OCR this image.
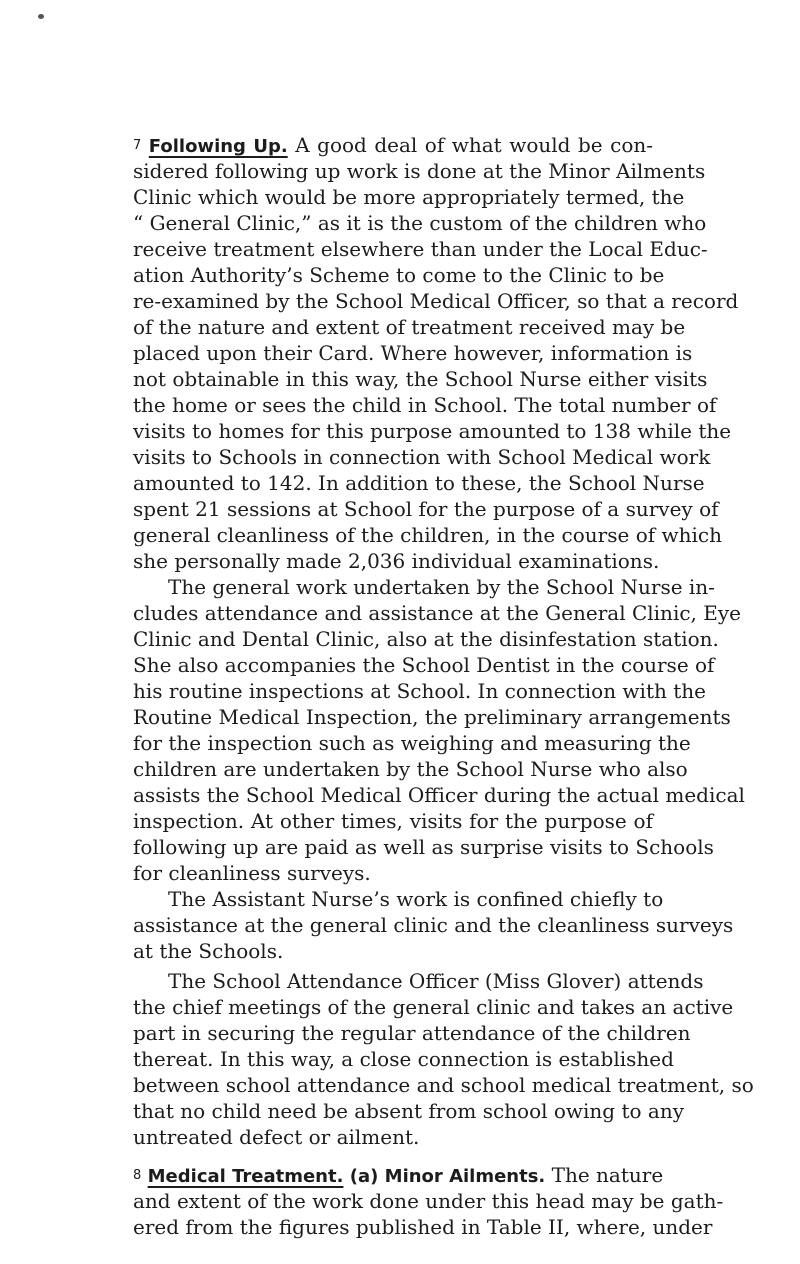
7 Following Up. A good deal of what would be con-
sidered following up work is done at the Minor Ailments
Clinic which would be more appropriately termed, the
“ General Clinic,” as it is the custom of the children who
receive treatment elsewhere than under the Local Educ-
ation Authority’s Scheme to come to the Clinic to be
re-examined by the School Medical Officer, so that a record
of the nature and extent of treatment received may be
placed upon their Card. Where however, information is
not obtainable in this way, the School Nurse either visits
the home or sees the child in School. The total number of
visits to homes for this purpose amounted to 138 while the
visits to Schools in connection with School Medical work
amounted to 142. In addition to these, the School Nurse
spent 21 sessions at School for the purpose of a survey of
general cleanliness of the children, in the course of which
she personally made 2,036 individual examinations.
The general work undertaken by the School Nurse in-
cludes attendance and assistance at the General Clinic, Eye
Clinic and Dental Clinic, also at the disinfestation station.
She also accompanies the School Dentist in the course of
his routine inspections at School. In connection with the
Routine Medical Inspection, the preliminary arrangements
for the inspection such as weighing and measuring the
children are undertaken by the School Nurse who also
assists the School Medical Officer during the actual medical
inspection. At other times, visits for the purpose of
following up are paid as well as surprise visits to Schools
for cleanliness surveys.
The Assistant Nurse’s work is confined chiefly to
assistance at the general clinic and the cleanliness surveys
at the Schools.
The School Attendance Officer (Miss Glover) attends
the chief meetings of the general clinic and takes an active
part in securing the regular attendance of the children
thereat. In this way, a close connection is established
between school attendance and school medical treatment, so
that no child need be absent from school owing to any
untreated defect or ailment.
8 Medical Treatment. (a) Minor Ailments. The nature
and extent of the work done under this head may be gath-
ered from the figures published in Table II, where, under
